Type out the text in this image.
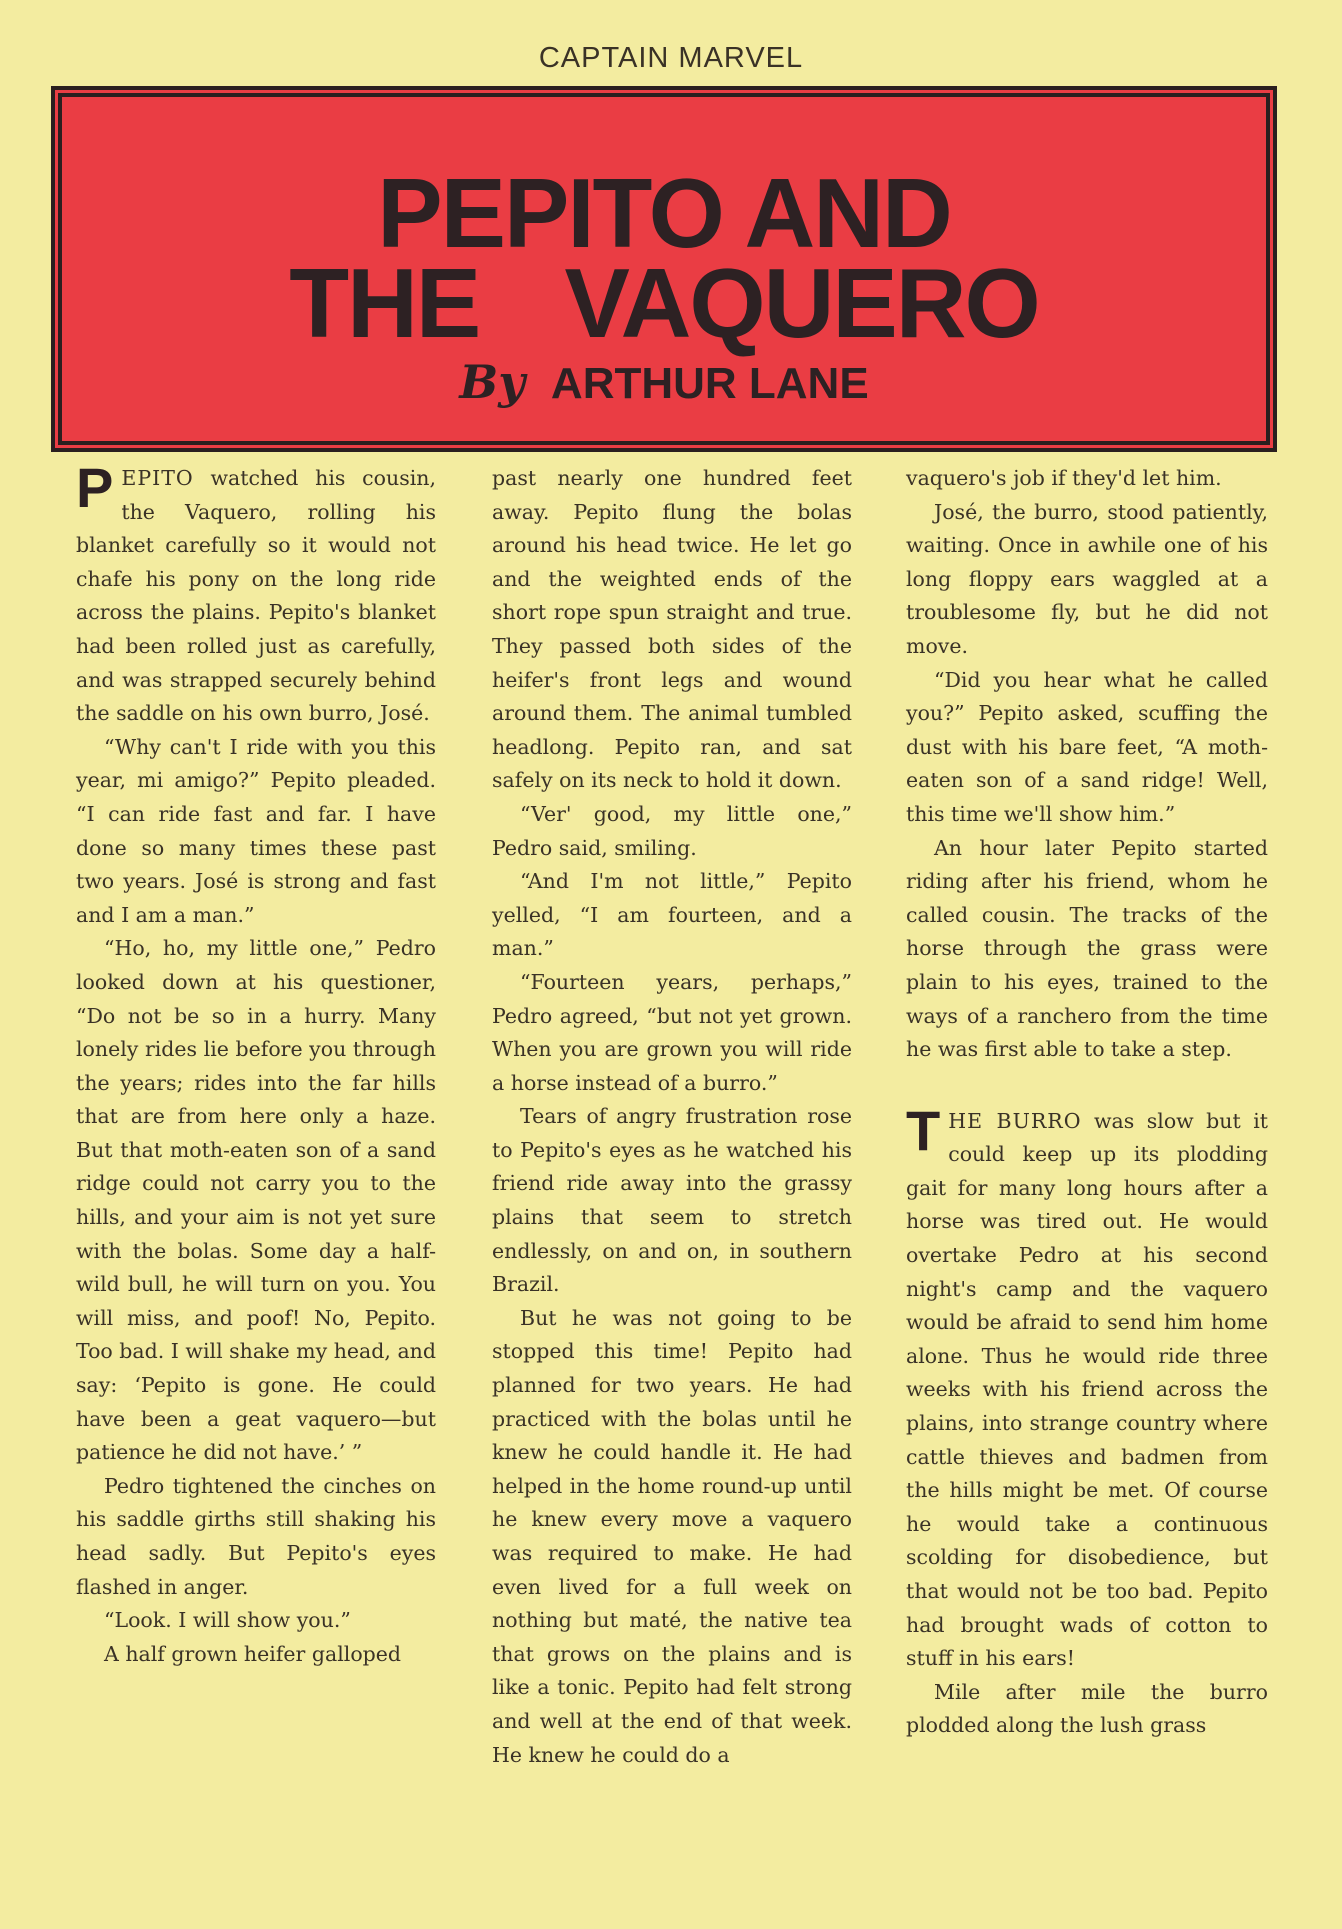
CAPTAIN MARVEL
PEPITO AND
THE VAQUERO
By ARTHUR LANE

PEPITO watched his cousin, the Vaquero, rolling his blanket carefully so it would not chafe his pony on the long ride across the plains. Pepito's blanket had been rolled just as carefully, and was strapped securely behind the saddle on his own burro, José.

“Why can't I ride with you this year, mi amigo?” Pepito pleaded. “I can ride fast and far. I have done so many times these past two years. José is strong and fast and I am a man.”

“Ho, ho, my little one,” Pedro looked down at his questioner, “Do not be so in a hurry. Many lonely rides lie before you through the years; rides into the far hills that are from here only a haze. But that moth-eaten son of a sand ridge could not carry you to the hills, and your aim is not yet sure with the bolas. Some day a half-wild bull, he will turn on you. You will miss, and poof! No, Pepito. Too bad. I will shake my head, and say: ‘Pepito is gone. He could have been a geat vaquero—but patience he did not have.’ ”

Pedro tightened the cinches on his saddle girths still shaking his head sadly. But Pepito's eyes flashed in anger.

“Look. I will show you.”

A half grown heifer galloped

past nearly one hundred feet away. Pepito flung the bolas around his head twice. He let go and the weighted ends of the short rope spun straight and true. They passed both sides of the heifer's front legs and wound around them. The animal tumbled headlong. Pepito ran, and sat safely on its neck to hold it down.

“Ver' good, my little one,” Pedro said, smiling.

“And I'm not little,” Pepito yelled, “I am fourteen, and a man.”

“Fourteen years, perhaps,” Pedro agreed, “but not yet grown. When you are grown you will ride a horse instead of a burro.”

Tears of angry frustration rose to Pepito's eyes as he watched his friend ride away into the grassy plains that seem to stretch endlessly, on and on, in southern Brazil.

But he was not going to be stopped this time! Pepito had planned for two years. He had practiced with the bolas until he knew he could handle it. He had helped in the home round-up until he knew every move a vaquero was required to make. He had even lived for a full week on nothing but maté, the native tea that grows on the plains and is like a tonic. Pepito had felt strong and well at the end of that week. He knew he could do a

vaquero's job if they'd let him.

José, the burro, stood patiently, waiting. Once in awhile one of his long floppy ears waggled at a troublesome fly, but he did not move.

“Did you hear what he called you?” Pepito asked, scuffing the dust with his bare feet, “A moth-eaten son of a sand ridge! Well, this time we'll show him.”

An hour later Pepito started riding after his friend, whom he called cousin. The tracks of the horse through the grass were plain to his eyes, trained to the ways of a ranchero from the time he was first able to take a step.

THE BURRO was slow but it could keep up its plodding gait for many long hours after a horse was tired out. He would overtake Pedro at his second night's camp and the vaquero would be afraid to send him home alone. Thus he would ride three weeks with his friend across the plains, into strange country where cattle thieves and badmen from the hills might be met. Of course he would take a continuous scolding for disobedience, but that would not be too bad. Pepito had brought wads of cotton to stuff in his ears!

Mile after mile the burro plodded along the lush grass
